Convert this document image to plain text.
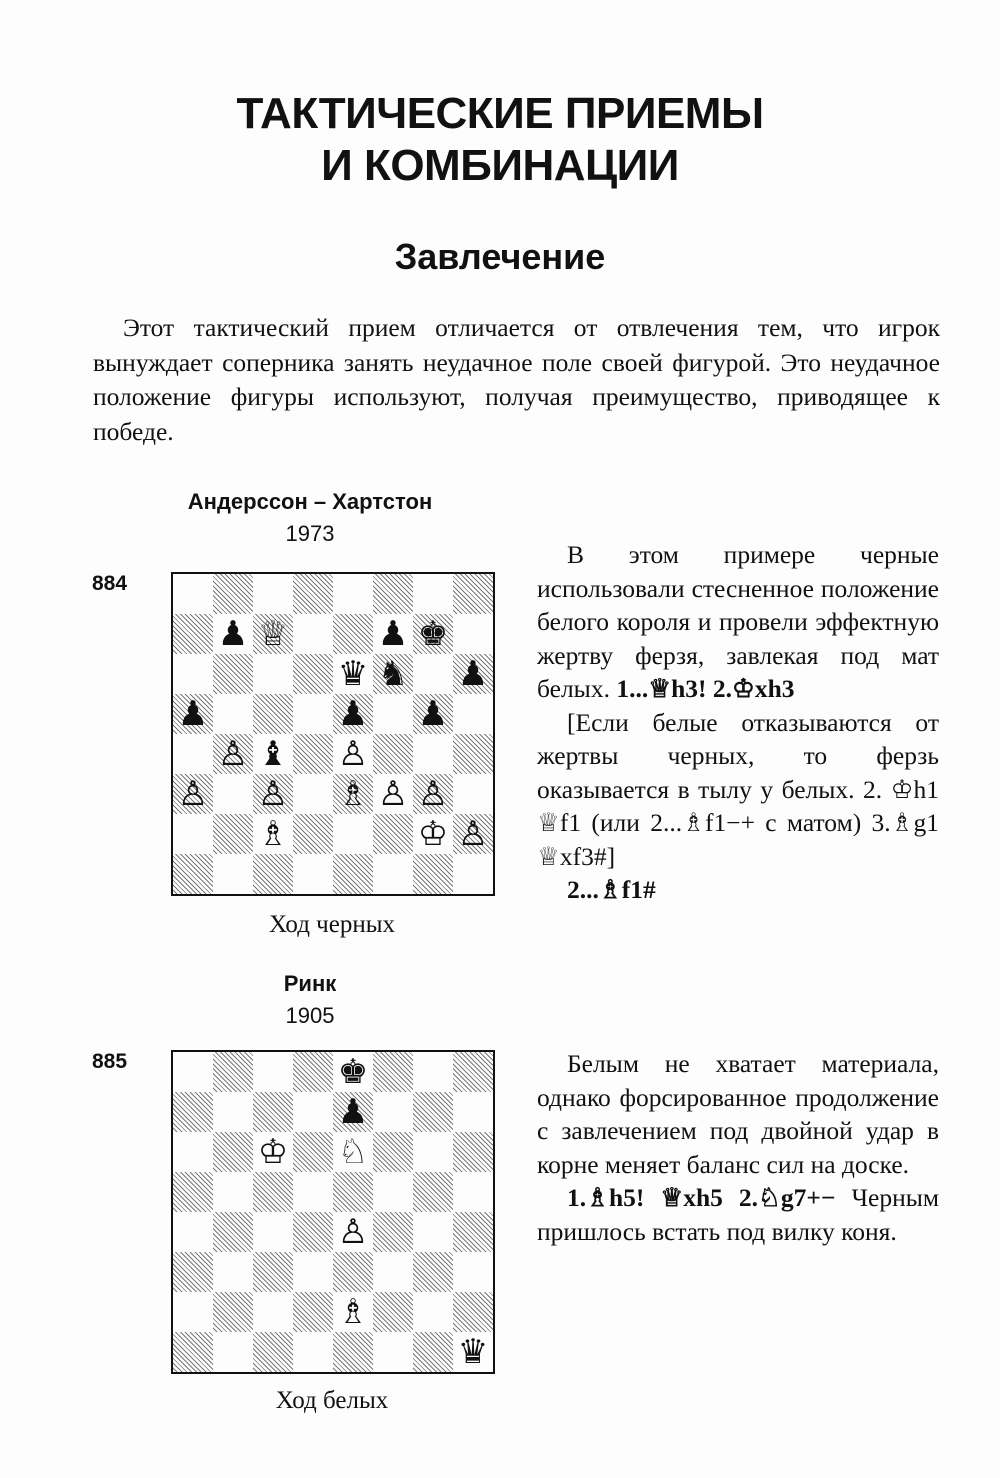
ТАКТИЧЕСКИЕ ПРИЕМЫ
И КОМБИНАЦИИ
Завлечение
Этот тактический прием отличается от отвлечения тем, что игрок вынуждает соперника занять неудачное поле своей фигурой. Это неудачное положение фигуры используют, получая преимущество, приводящее к победе.
Андерссон – Хартстон
1973
884
♟ ♕	♟ ♚
♛ ♞ ♟
♟	♟ ♟
♙ ♝ ♙
♙ ♙ ♗ ♙ ♙
♗	♔ ♙
Ход черных

В этом примере черные использовали стесненное положение белого короля и провели эффектную жертву ферзя, завлекая под мат белых. 1...♕h3! 2.♔xh3

[Если белые отказываются от жертвы черных, то ферзь оказывается в тылу у белых. 2. ♔h1 ♕f1 (или 2...♗f1−+ с матом) 3.♗g1 ♕xf3#]

2...♗f1#

Ринк
1905
885	♚
♟
♔ ♘
♙
♗
♛
Ход белых

Белым не хватает материала, однако форсированное продолжение с завлечением под двойной удар в корне меняет баланс сил на доске.

1.♗h5! ♕xh5 2.♘g7+− Черным пришлось встать под вилку коня.
